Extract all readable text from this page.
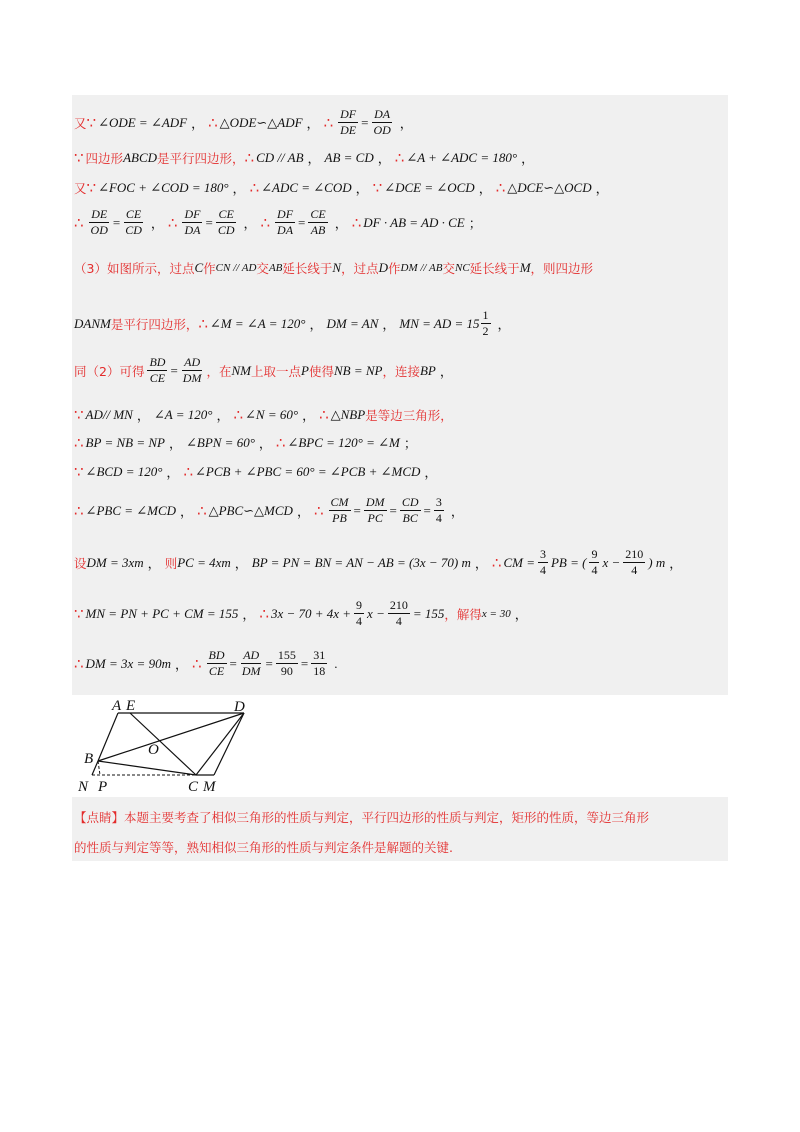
又 ∵ ∠ODE = ∠ADF ， ∴ △ODE∽△ADF ， ∴ $\frac{DF}{DE} = \frac{DA}{OD}$ ，
∵ 四边形 ABCD 是平行四边形， ∴ CD // AB ， AB = CD ， ∴ ∠A + ∠ADC = 180° ，
又 ∵ ∠FOC + ∠COD = 180° ， ∴ ∠ADC = ∠COD ， ∵ ∠DCE = ∠OCD ， ∴ △DCE∽△OCD ，
∴ $\frac{DE}{OD} = \frac{CE}{CD}$ ， ∴ $\frac{DF}{DA} = \frac{CE}{CD}$ ， ∴ $\frac{DF}{DA} = \frac{CE}{AB}$ ， ∴ DF · AB = AD · CE ；
（3）如图所示，过点 C 作 CN // AD 交 AB 延长线于 N ，过点 D 作 DM // AB 交 NC 延长线于 M ，则四边形
DANM 是平行四边形， ∴ ∠M = ∠A = 120° ， DM = AN ， MN = AD = $15 \frac{1}{2}$ ，
同（2）可得 $\frac{BD}{CE} = \frac{AD}{DM}$ ，在 NM 上取一点 P 使得 NB = NP ，连接 BP ，
∵ AD// MN ， ∠A = 120° ， ∴ ∠N = 60° ， ∴ △NBP 是等边三角形，
∴ BP = NB = NP ， ∠BPN = 60° ， ∴ ∠BPC = 120° = ∠M ；
∵ ∠BCD = 120° ， ∴ ∠PCB + ∠PBC = 60° = ∠PCB + ∠MCD ，
∴ ∠PBC = ∠MCD ， ∴ △PBC∽△MCD ， ∴ $\frac{CM}{PB} = \frac{DM}{PC} = \frac{CD}{BC} = \frac{3}{4}$ ，
设 DM = 3xm ， 则 PC = 4xm ， BP = PN = BN = AN − AB = (3x − 70) m ， ∴ CM = $\frac{3}{4}$ PB = ( $\frac{9}{4}$ $x - \frac{210}{4}$ ) m ，
∵ MN = PN + PC + CM = 155 ， ∴ $3x - 70 + 4x + \frac{9}{4}$ $x - \frac{210}{4} = 155$ ，解得 x = 30 ，
∴ DM = 3x = 90m ， ∴ $\frac{BD}{CE} = \frac{AD}{DM} = \frac{155}{90} = \frac{31}{18}$ .
A E	D
B
O
N P	C M
【点睛】本题主要考查了相似三角形的性质与判定，平行四边形的性质与判定，矩形的性质，等边三角形
的性质与判定等等，熟知相似三角形的性质与判定条件是解题的关键.
